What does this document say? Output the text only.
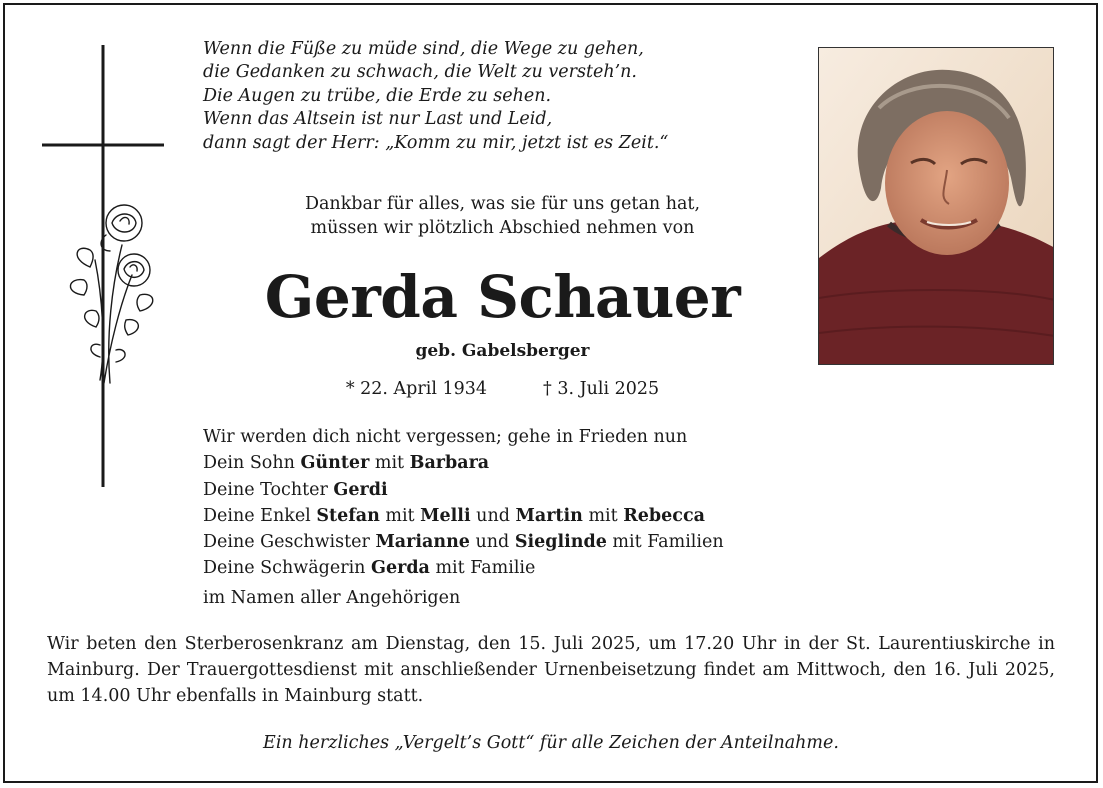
Wenn die Füße zu müde sind, die Wege zu gehen,
die Gedanken zu schwach, die Welt zu versteh’n.
Die Augen zu trübe, die Erde zu sehen.
Wenn das Altsein ist nur Last und Leid,
dann sagt der Herr: „Komm zu mir, jetzt ist es Zeit.“
Dankbar für alles, was sie für uns getan hat,
müssen wir plötzlich Abschied nehmen von
Gerda Schauer
geb. Gabelsberger
* 22. April 1934	† 3. Juli 2025
Wir werden dich nicht vergessen; gehe in Frieden nun
Dein Sohn Günter mit Barbara
Deine Tochter Gerdi
Deine Enkel Stefan mit Melli und Martin mit Rebecca
Deine Geschwister Marianne und Sieglinde mit Familien
Deine Schwägerin Gerda mit Familie
im Namen aller Angehörigen
Wir beten den Sterberosenkranz am Dienstag, den 15. Juli 2025, um 17.20 Uhr in der St. Laurentiuskirche in Mainburg. Der Trauergottesdienst mit anschließender Urnenbeisetzung findet am Mittwoch, den 16. Juli 2025, um 14.00 Uhr ebenfalls in Mainburg statt.
Ein herzliches „Vergelt’s Gott“ für alle Zeichen der Anteilnahme.
